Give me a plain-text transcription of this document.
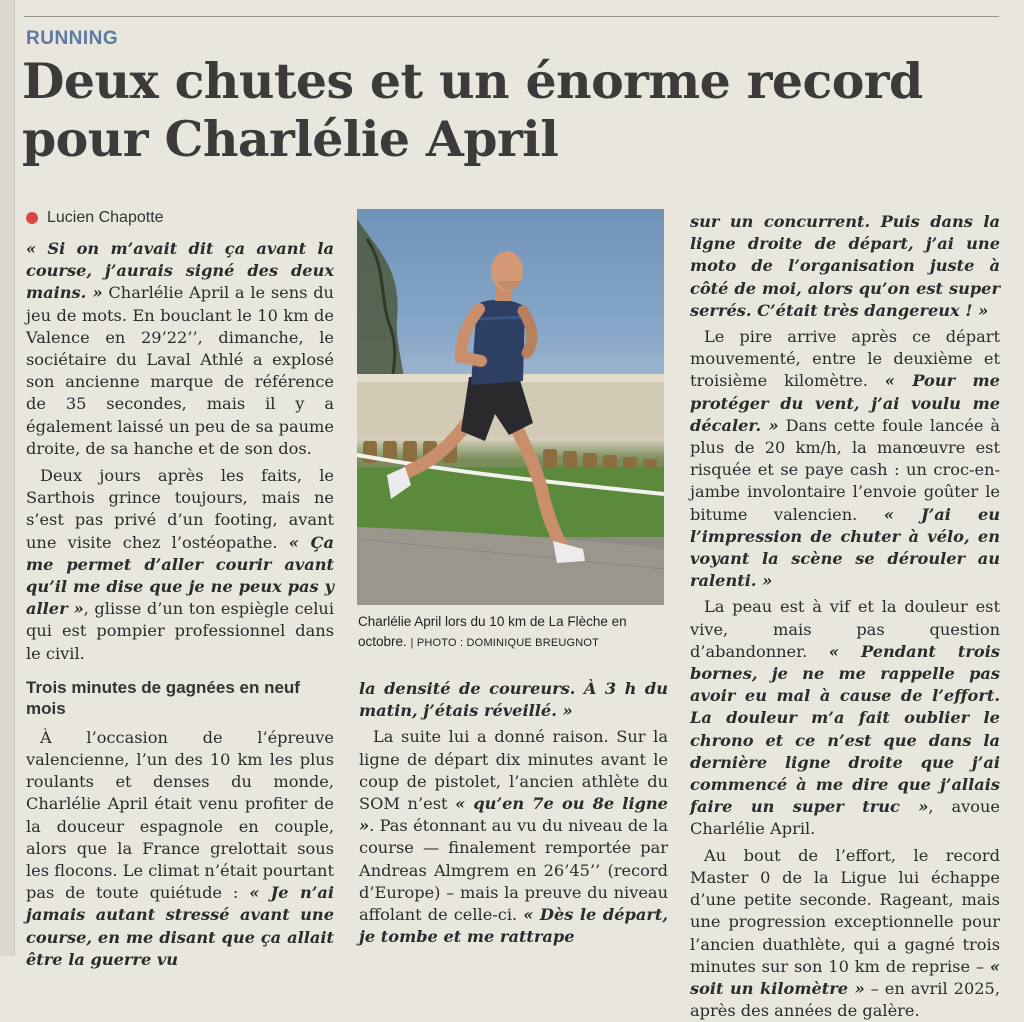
RUNNING
Deux chutes et un énorme record pour Charlélie April
Lucien Chapotte

« Si on m’avait dit ça avant la course, j’aurais signé des deux mains. » Charlélie April a le sens du jeu de mots. En bouclant le 10 km de Valence en 29’22’’, dimanche, le sociétaire du Laval Athlé a explosé son ancienne marque de référence de 35 secondes, mais il y a également laissé un peu de sa paume droite, de sa hanche et de son dos.

Deux jours après les faits, le Sarthois grince toujours, mais ne s’est pas privé d’un footing, avant une visite chez l’ostéopathe. « Ça me permet d’aller courir avant qu’il me dise que je ne peux pas y aller », glisse d’un ton espiègle celui qui est pompier professionnel dans le civil.

Trois minutes de gagnées en neuf mois

À l’occasion de l’épreuve valencienne, l’un des 10 km les plus roulants et denses du monde, Charlélie April était venu profiter de la douceur espagnole en couple, alors que la France grelottait sous les flocons. Le climat n’était pourtant pas de toute quiétude : « Je n’ai jamais autant stressé avant une course, en me disant que ça allait être la guerre vu

Charlélie April lors du 10 km de La Flèche en octobre. | PHOTO : DOMINIQUE BREUGNOT

la densité de coureurs. À 3 h du matin, j’étais réveillé. »

La suite lui a donné raison. Sur la ligne de départ dix minutes avant le coup de pistolet, l’ancien athlète du SOM n’est « qu’en 7e ou 8e ligne ». Pas étonnant au vu du niveau de la course — finalement remportée par Andreas Almgrem en 26’45’’ (record d’Europe) – mais la preuve du niveau affolant de celle-ci. « Dès le départ, je tombe et me rattrape

sur un concurrent. Puis dans la ligne droite de départ, j’ai une moto de l’organisation juste à côté de moi, alors qu’on est super serrés. C’était très dangereux ! »

Le pire arrive après ce départ mouvementé, entre le deuxième et troisième kilomètre. « Pour me protéger du vent, j’ai voulu me décaler. » Dans cette foule lancée à plus de 20 km/h, la manœuvre est risquée et se paye cash : un croc-en-jambe involontaire l’envoie goûter le bitume valencien. « J’ai eu l’impression de chuter à vélo, en voyant la scène se dérouler au ralenti. »

La peau est à vif et la douleur est vive, mais pas question d’abandonner. « Pendant trois bornes, je ne me rappelle pas avoir eu mal à cause de l’effort. La douleur m’a fait oublier le chrono et ce n’est que dans la dernière ligne droite que j’ai commencé à me dire que j’allais faire un super truc », avoue Charlélie April.

Au bout de l’effort, le record Master 0 de la Ligue lui échappe d’une petite seconde. Rageant, mais une progression exceptionnelle pour l’ancien duathlète, qui a gagné trois minutes sur son 10 km de reprise – « soit un kilomètre » – en avril 2025, après des années de galère.
